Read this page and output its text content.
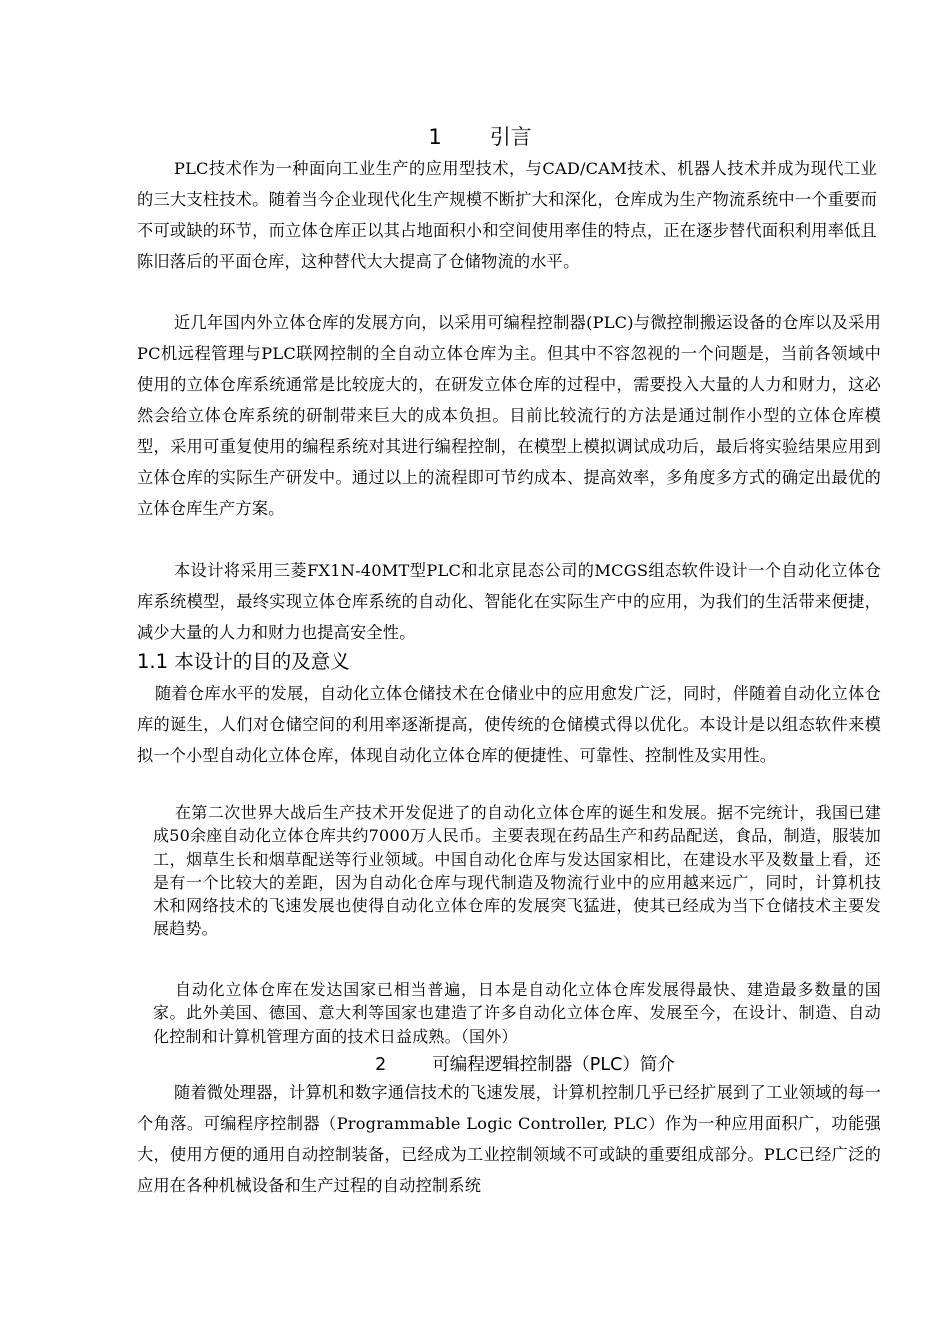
1 引言
PLC技术作为一种面向工业生产的应用型技术，与CAD/CAM技术、机器人技术并成为现代工业的三大支柱技术。随着当今企业现代化生产规模不断扩大和深化，仓库成为生产物流系统中一个重要而不可或缺的环节，而立体仓库正以其占地面积小和空间使用率佳的特点，正在逐步替代面积利用率低且陈旧落后的平面仓库，这种替代大大提高了仓储物流的水平。
近几年国内外立体仓库的发展方向，以采用可编程控制器(PLC)与微控制搬运设备的仓库以及采用PC机远程管理与PLC联网控制的全自动立体仓库为主。但其中不容忽视的一个问题是，当前各领域中使用的立体仓库系统通常是比较庞大的，在研发立体仓库的过程中，需要投入大量的人力和财力，这必然会给立体仓库系统的研制带来巨大的成本负担。目前比较流行的方法是通过制作小型的立体仓库模型，采用可重复使用的编程系统对其进行编程控制，在模型上模拟调试成功后，最后将实验结果应用到立体仓库的实际生产研发中。通过以上的流程即可节约成本、提高效率，多角度多方式的确定出最优的立体仓库生产方案。
本设计将采用三菱FX1N-40MT型PLC和北京昆态公司的MCGS组态软件设计一个自动化立体仓库系统模型，最终实现立体仓库系统的自动化、智能化在实际生产中的应用，为我们的生活带来便捷，减少大量的人力和财力也提高安全性。
1.1 本设计的目的及意义
随着仓库水平的发展，自动化立体仓储技术在仓储业中的应用愈发广泛，同时，伴随着自动化立体仓库的诞生，人们对仓储空间的利用率逐渐提高，使传统的仓储模式得以优化。本设计是以组态软件来模拟一个小型自动化立体仓库，体现自动化立体仓库的便捷性、可靠性、控制性及实用性。
在第二次世界大战后生产技术开发促进了的自动化立体仓库的诞生和发展。据不完统计，我国已建成50余座自动化立体仓库共约7000万人民币。主要表现在药品生产和药品配送，食品，制造，服装加工，烟草生长和烟草配送等行业领域。中国自动化仓库与发达国家相比，在建设水平及数量上看，还是有一个比较大的差距，因为自动化仓库与现代制造及物流行业中的应用越来远广，同时，计算机技术和网络技术的飞速发展也使得自动化立体仓库的发展突飞猛进，使其已经成为当下仓储技术主要发展趋势。
自动化立体仓库在发达国家已相当普遍，日本是自动化立体仓库发展得最快、建造最多数量的国家。此外美国、德国、意大利等国家也建造了许多自动化立体仓库、发展至今，在设计、制造、自动化控制和计算机管理方面的技术日益成熟。（国外）
2	可编程逻辑控制器（PLC）简介
随着微处理器，计算机和数字通信技术的飞速发展，计算机控制几乎已经扩展到了工业领域的每一个角落。可编程序控制器（Programmable Logic Controller, PLC）作为一种应用面积广，功能强大，使用方便的通用自动控制装备，已经成为工业控制领域不可或缺的重要组成部分。PLC已经广泛的应用在各种机械设备和生产过程的自动控制系统
